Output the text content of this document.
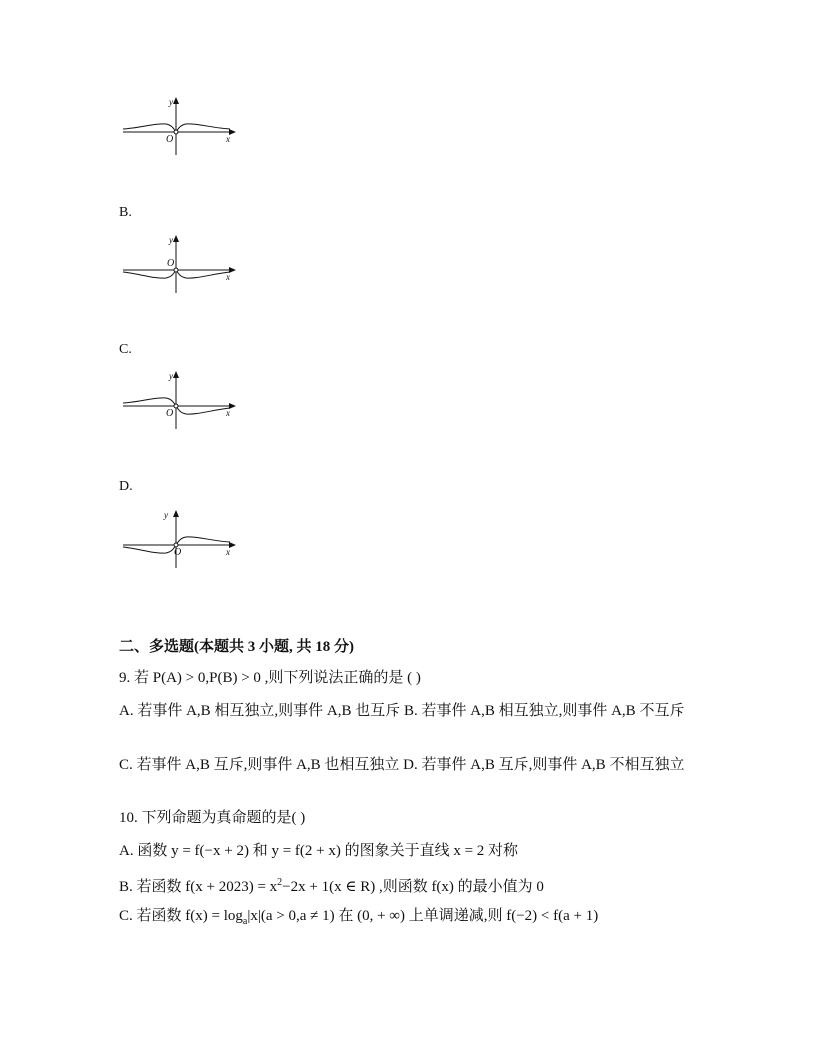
y
x
O
B.
y
x
O
C.
y
x
O
D.
y
x
O
二、多选题(本题共 3 小题, 共 18 分)
9. 若 P(A) > 0,P(B) > 0 ,则下列说法正确的是 ( )
A. 若事件 A,B 相互独立,则事件 A,B 也互斥 B. 若事件 A,B 相互独立,则事件 A,B 不互斥
C. 若事件 A,B 互斥,则事件 A,B 也相互独立 D. 若事件 A,B 互斥,则事件 A,B 不相互独立
10. 下列命题为真命题的是( )
A. 函数 y = f(−x + 2) 和 y = f(2 + x) 的图象关于直线 x = 2 对称
B. 若函数 $f(x + 2023) = x^2-2x + 1(x$ ∈ R) ,则函数 f(x) 的最小值为 0
C. 若函数 $f(x) = \log_a|x|(a > 0,a \ne 1)$ 在 (0, + ∞) 上单调递减,则 f(−2) < f(a + 1)
